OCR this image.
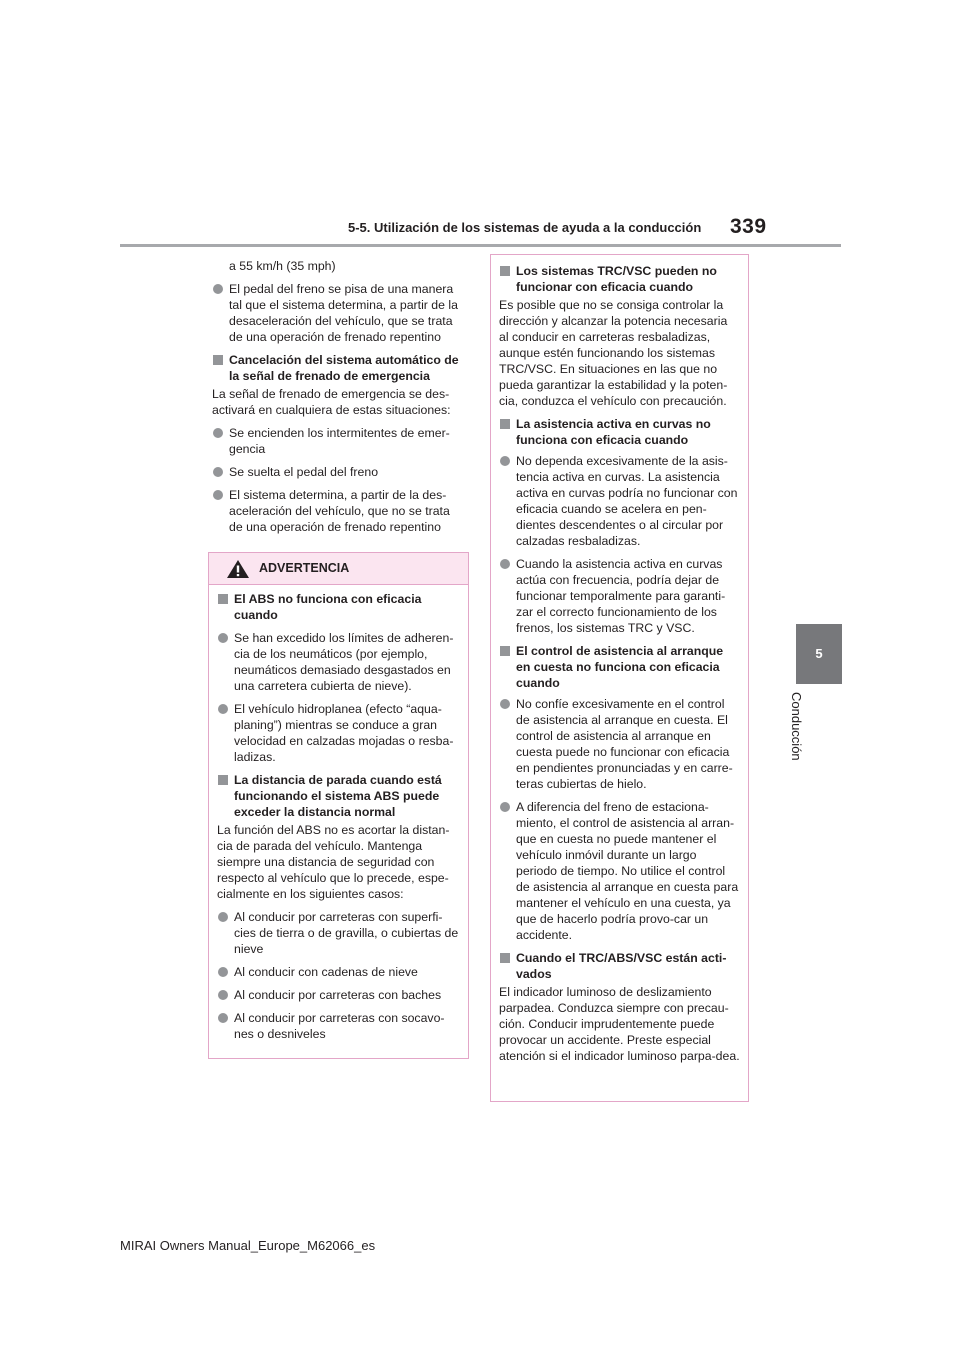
5-5. Utilización de los sistemas de ayuda a la conducción 339
5
Conducción
a 55 km/h (35 mph)
El pedal del freno se pisa de una manera tal que el sistema determina, a partir de la desaceleración del vehículo, que se trata de una operación de frenado repentino
Cancelación del sistema automático de la señal de frenado de emergencia

La señal de frenado de emergencia se des-activará en cualquiera de estas situaciones:

Se encienden los intermitentes de emer-gencia
Se suelta el pedal del freno
El sistema determina, a partir de la des-aceleración del vehículo, que no se trata de una operación de frenado repentino
ADVERTENCIA
El ABS no funciona con eficacia cuando
Se han excedido los límites de adheren-cia de los neumáticos (por ejemplo, neumáticos demasiado desgastados en una carretera cubierta de nieve).
El vehículo hidroplanea (efecto “aqua-planing”) mientras se conduce a gran velocidad en calzadas mojadas o resba-ladizas.
La distancia de parada cuando está funcionando el sistema ABS puede exceder la distancia normal

La función del ABS no es acortar la distan-cia de parada del vehículo. Mantenga siempre una distancia de seguridad con respecto al vehículo que lo precede, espe-cialmente en los siguientes casos:

Al conducir por carreteras con superfi-cies de tierra o de gravilla, o cubiertas de nieve
Al conducir con cadenas de nieve
Al conducir por carreteras con baches
Al conducir por carreteras con socavo-nes o desniveles
Los sistemas TRC/VSC pueden no funcionar con eficacia cuando

Es posible que no se consiga controlar la dirección y alcanzar la potencia necesaria al conducir en carreteras resbaladizas, aunque estén funcionando los sistemas TRC/VSC. En situaciones en las que no pueda garantizar la estabilidad y la poten-cia, conduzca el vehículo con precaución.

La asistencia activa en curvas no funciona con eficacia cuando
No dependa excesivamente de la asis-tencia activa en curvas. La asistencia activa en curvas podría no funcionar con eficacia cuando se acelera en pen-dientes descendentes o al circular por calzadas resbaladizas.
Cuando la asistencia activa en curvas actúa con frecuencia, podría dejar de funcionar temporalmente para garanti-zar el correcto funcionamiento de los frenos, los sistemas TRC y VSC.
El control de asistencia al arranque en cuesta no funciona con eficacia cuando
No confíe excesivamente en el control de asistencia al arranque en cuesta. El control de asistencia al arranque en cuesta puede no funcionar con eficacia en pendientes pronunciadas y en carre-teras cubiertas de hielo.
A diferencia del freno de estaciona-miento, el control de asistencia al arran-que en cuesta no puede mantener el vehículo inmóvil durante un largo periodo de tiempo. No utilice el control de asistencia al arranque en cuesta para mantener el vehículo en una cuesta, ya que de hacerlo podría provo-car un accidente.
Cuando el TRC/ABS/VSC están acti-vados

El indicador luminoso de deslizamiento parpadea. Conduzca siempre con precau-ción. Conducir imprudentemente puede provocar un accidente. Preste especial atención si el indicador luminoso parpa-dea.

MIRAI Owners Manual_Europe_M62066_es
